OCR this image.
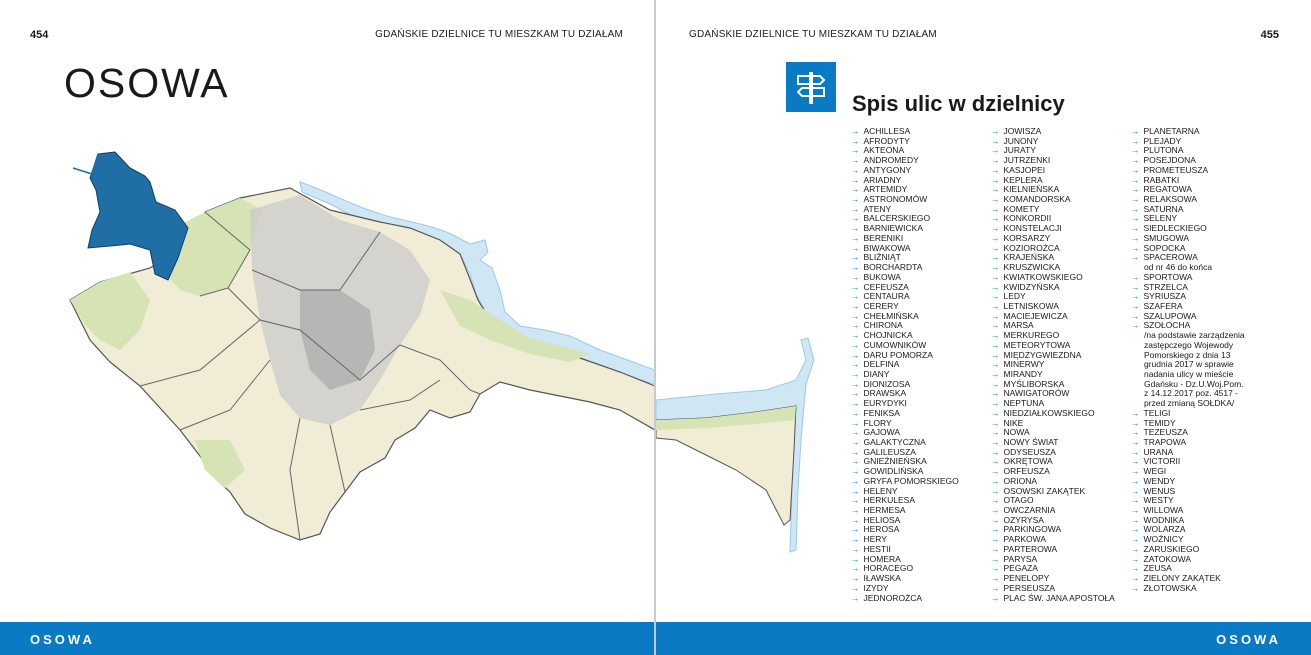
454	GDAŃSKIE DZIELNICE TU MIESZKAM TU DZIAŁAM
OSOWA
OSOWA
GDAŃSKIE DZIELNICE TU MIESZKAM TU DZIAŁAM	455
Spis ulic w dzielnicy
→ ACHILLESA
→ AFRODYTY
→ AKTEONA
→ ANDROMEDY
→ ANTYGONY
→ ARIADNY
→ ARTEMIDY
→ ASTRONOMÓW
→ ATENY
→ BALCERSKIEGO
→ BARNIEWICKA
→ BERENIKI
→ BIWAKOWA
→ BLIŹNIĄT
→ BORCHARDTA
→ BUKOWA
→ CEFEUSZA
→ CENTAURA
→ CERERY
→ CHEŁMIŃSKA
→ CHIRONA
→ CHOJNICKA
→ CUMOWNIKÓW
→ DARU POMORZA
→ DELFINA
→ DIANY
→ DIONIZOSA
→ DRAWSKA
→ EURYDYKI
→ FENIKSA
→ FLORY
→ GAJOWA
→ GALAKTYCZNA
→ GALILEUSZA
→ GNIEŹNIEŃSKA
→ GOWIDLIŃSKA
→ GRYFA POMORSKIEGO
→ HELENY
→ HERKULESA
→ HERMESA
→ HELIOSA
→ HEROSA
→ HERY
→ HESTII
→ HOMERA
→ HORACEGO
→ IŁAWSKA
→ IZYDY
→ JEDNOROŻCA
→ JOWISZA
→ JUNONY
→ JURATY
→ JUTRZENKI
→ KASJOPEI
→ KEPLERA
→ KIELNIEŃSKA
→ KOMANDORSKA
→ KOMETY
→ KONKORDII
→ KONSTELACJI
→ KORSARZY
→ KOZIOROŻCA
→ KRAJEŃSKA
→ KRUSZWICKA
→ KWIATKOWSKIEGO
→ KWIDZYŃSKA
→ LEDY
→ LETNISKOWA
→ MACIEJEWICZA
→ MARSA
→ MERKUREGO
→ METEORYTOWA
→ MIĘDZYGWIEZDNA
→ MINERWY
→ MIRANDY
→ MYŚLIBORSKA
→ NAWIGATORÓW
→ NEPTUNA
→ NIEDZIAŁKOWSKIEGO
→ NIKE
→ NOWA
→ NOWY ŚWIAT
→ ODYSEUSZA
→ OKRĘTOWA
→ ORFEUSZA
→ ORIONA
→ OSOWSKI ZAKĄTEK
→ OTAGO
→ OWCZARNIA
→ OZYRYSA
→ PARKINGOWA
→ PARKOWA
→ PARTEROWA
→ PARYSA
→ PEGAZA
→ PENELOPY
→ PERSEUSZA
→ PLAC ŚW. JANA APOSTOŁA
→ PLANETARNA
→ PLEJADY
→ PLUTONA
→ POSEJDONA
→ PROMETEUSZA
→ RABATKI
→ REGATOWA
→ RELAKSOWA
→ SATURNA
→ SELENY
→ SIEDLECKIEGO
→ SMUGOWA
→ SOPOCKA
→ SPACEROWA
od nr 46 do końca
→ SPORTOWA
→ STRZELCA
→ SYRIUSZA
→ SZAFERA
→ SZALUPOWA
→ SZOŁOCHA
/na podstawie zarządzenia
zastępczego Wojewody
Pomorskiego z dnia 13
grudnia 2017 w sprawie
nadania ulicy w mieście
Gdańsku - Dz.U.Woj.Pom.
z 14.12.2017 poz. 4517 -
przed zmianą SOŁDKA/
→ TELIGI
→ TEMIDY
→ TEZEUSZA
→ TRAPOWA
→ URANA
→ VICTORII
→ WEGI
→ WENDY
→ WENUS
→ WESTY
→ WILLOWA
→ WODNIKA
→ WOLARZA
→ WOŹNICY
→ ZARUSKIEGO
→ ZATOKOWA
→ ZEUSA
→ ZIELONY ZAKĄTEK
→ ZŁOTOWSKA
OSOWA
